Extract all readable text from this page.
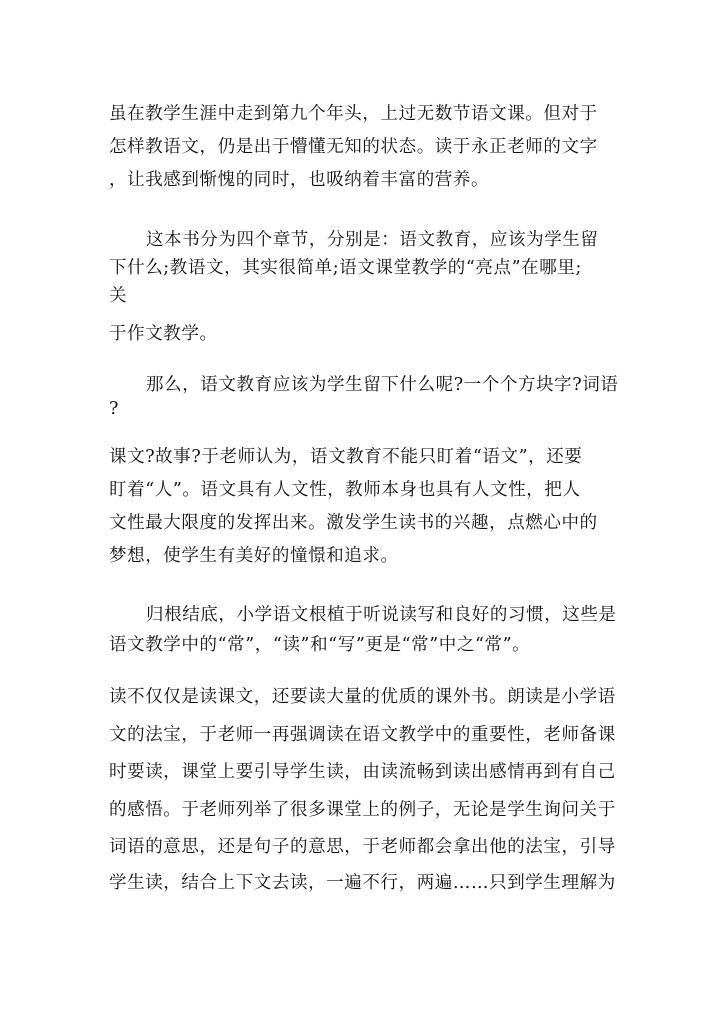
虽在教学生涯中走到第九个年头，上过无数节语文课。但对于
怎样教语文，仍是出于懵懂无知的状态。读于永正老师的文字
，让我感到惭愧的同时，也吸纳着丰富的营养。
这本书分为四个章节，分别是：语文教育，应该为学生留
下什么;教语文，其实很简单;语文课堂教学的“亮点”在哪里;
关
于作文教学。
那么，语文教育应该为学生留下什么呢?一个个方块字?词语
?
课文?故事?于老师认为，语文教育不能只盯着“语文”，还要
盯着“人”。语文具有人文性，教师本身也具有人文性，把人
文性最大限度的发挥出来。激发学生读书的兴趣，点燃心中的
梦想，使学生有美好的憧憬和追求。
归根结底，小学语文根植于听说读写和良好的习惯，这些是
语文教学中的“常”，“读”和“写”更是“常”中之“常”。
读不仅仅是读课文，还要读大量的优质的课外书。朗读是小学语
文的法宝，于老师一再强调读在语文教学中的重要性，老师备课
时要读，课堂上要引导学生读，由读流畅到读出感情再到有自己
的感悟。于老师列举了很多课堂上的例子，无论是学生询问关于
词语的意思，还是句子的意思，于老师都会拿出他的法宝，引导
学生读，结合上下文去读，一遍不行，两遍……只到学生理解为
